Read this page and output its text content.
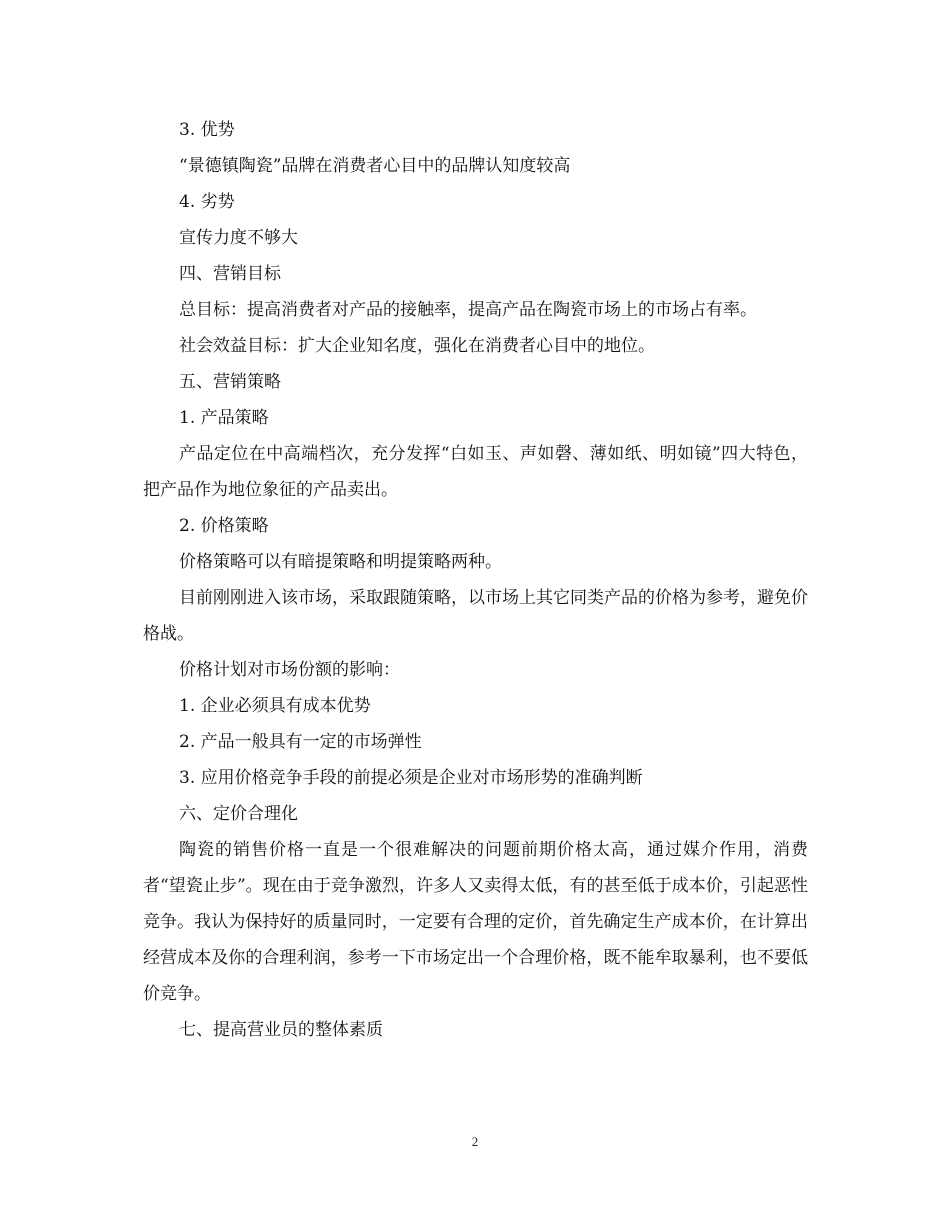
3. 优势

“景德镇陶瓷”品牌在消费者心目中的品牌认知度较高

4. 劣势

宣传力度不够大

四、营销目标

总目标：提高消费者对产品的接触率，提高产品在陶瓷市场上的市场占有率。

社会效益目标：扩大企业知名度，强化在消费者心目中的地位。

五、营销策略

1. 产品策略

产品定位在中高端档次，充分发挥“白如玉、声如磬、薄如纸、明如镜”四大特色，把产品作为地位象征的产品卖出。

2. 价格策略

价格策略可以有暗提策略和明提策略两种。

目前刚刚进入该市场，采取跟随策略，以市场上其它同类产品的价格为参考，避免价格战。

价格计划对市场份额的影响：

1. 企业必须具有成本优势

2. 产品一般具有一定的市场弹性

3. 应用价格竞争手段的前提必须是企业对市场形势的准确判断

六、定价合理化

陶瓷的销售价格一直是一个很难解决的问题前期价格太高，通过媒介作用，消费者“望瓷止步”。现在由于竞争激烈，许多人又卖得太低，有的甚至低于成本价，引起恶性竞争。我认为保持好的质量同时，一定要有合理的定价，首先确定生产成本价，在计算出经营成本及你的合理利润，参考一下市场定出一个合理价格，既不能牟取暴利，也不要低价竞争。

七、提高营业员的整体素质

2
